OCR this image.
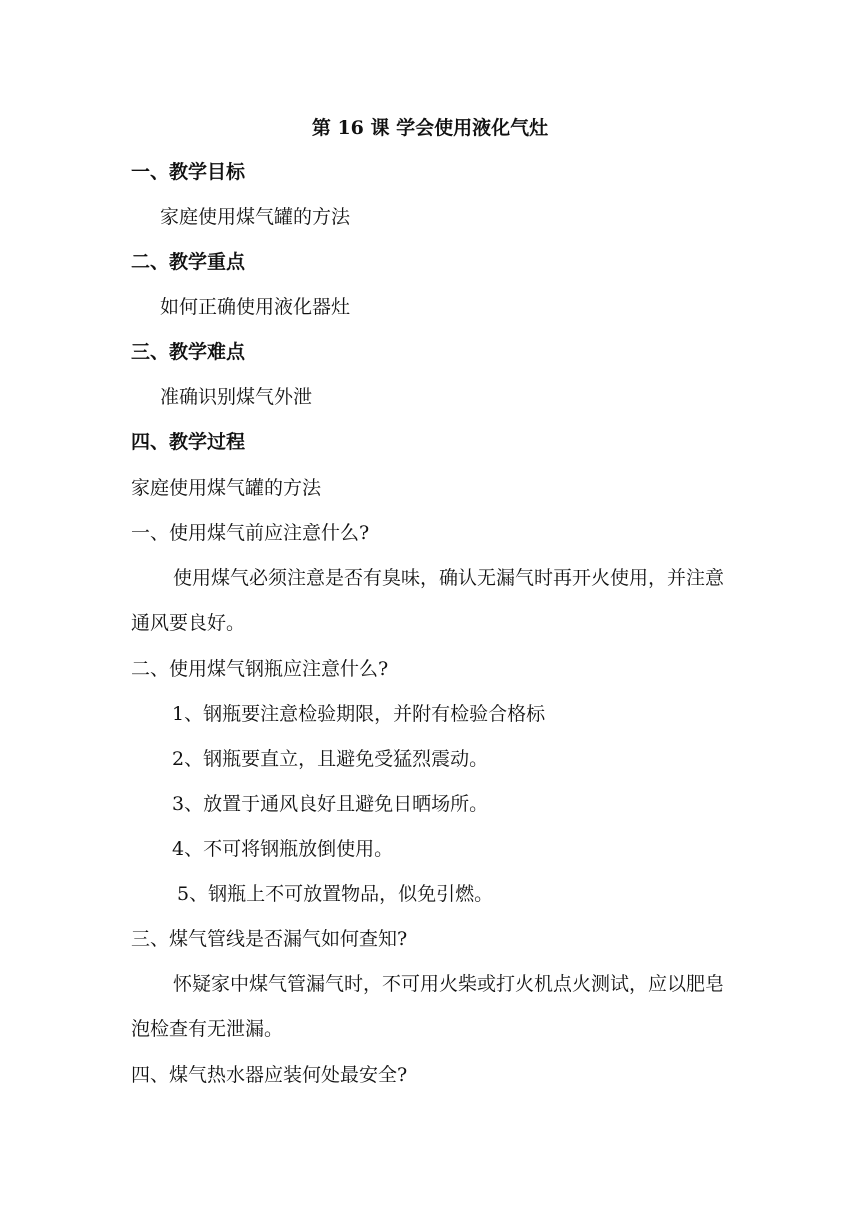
第 16 课 学会使用液化气灶
一、教学目标
家庭使用煤气罐的方法
二、教学重点
如何正确使用液化器灶
三、教学难点
准确识别煤气外泄
四、教学过程
家庭使用煤气罐的方法
一、使用煤气前应注意什么?
使用煤气必须注意是否有臭味，确认无漏气时再开火使用，并注意通风要良好。
二、使用煤气钢瓶应注意什么?
1、钢瓶要注意检验期限，并附有检验合格标
2、钢瓶要直立，且避免受猛烈震动。
3、放置于通风良好且避免日晒场所。
4、不可将钢瓶放倒使用。
5、钢瓶上不可放置物品，似免引燃。
三、煤气管线是否漏气如何查知?
怀疑家中煤气管漏气时，不可用火柴或打火机点火测试，应以肥皂泡检查有无泄漏。
四、煤气热水器应装何处最安全?
